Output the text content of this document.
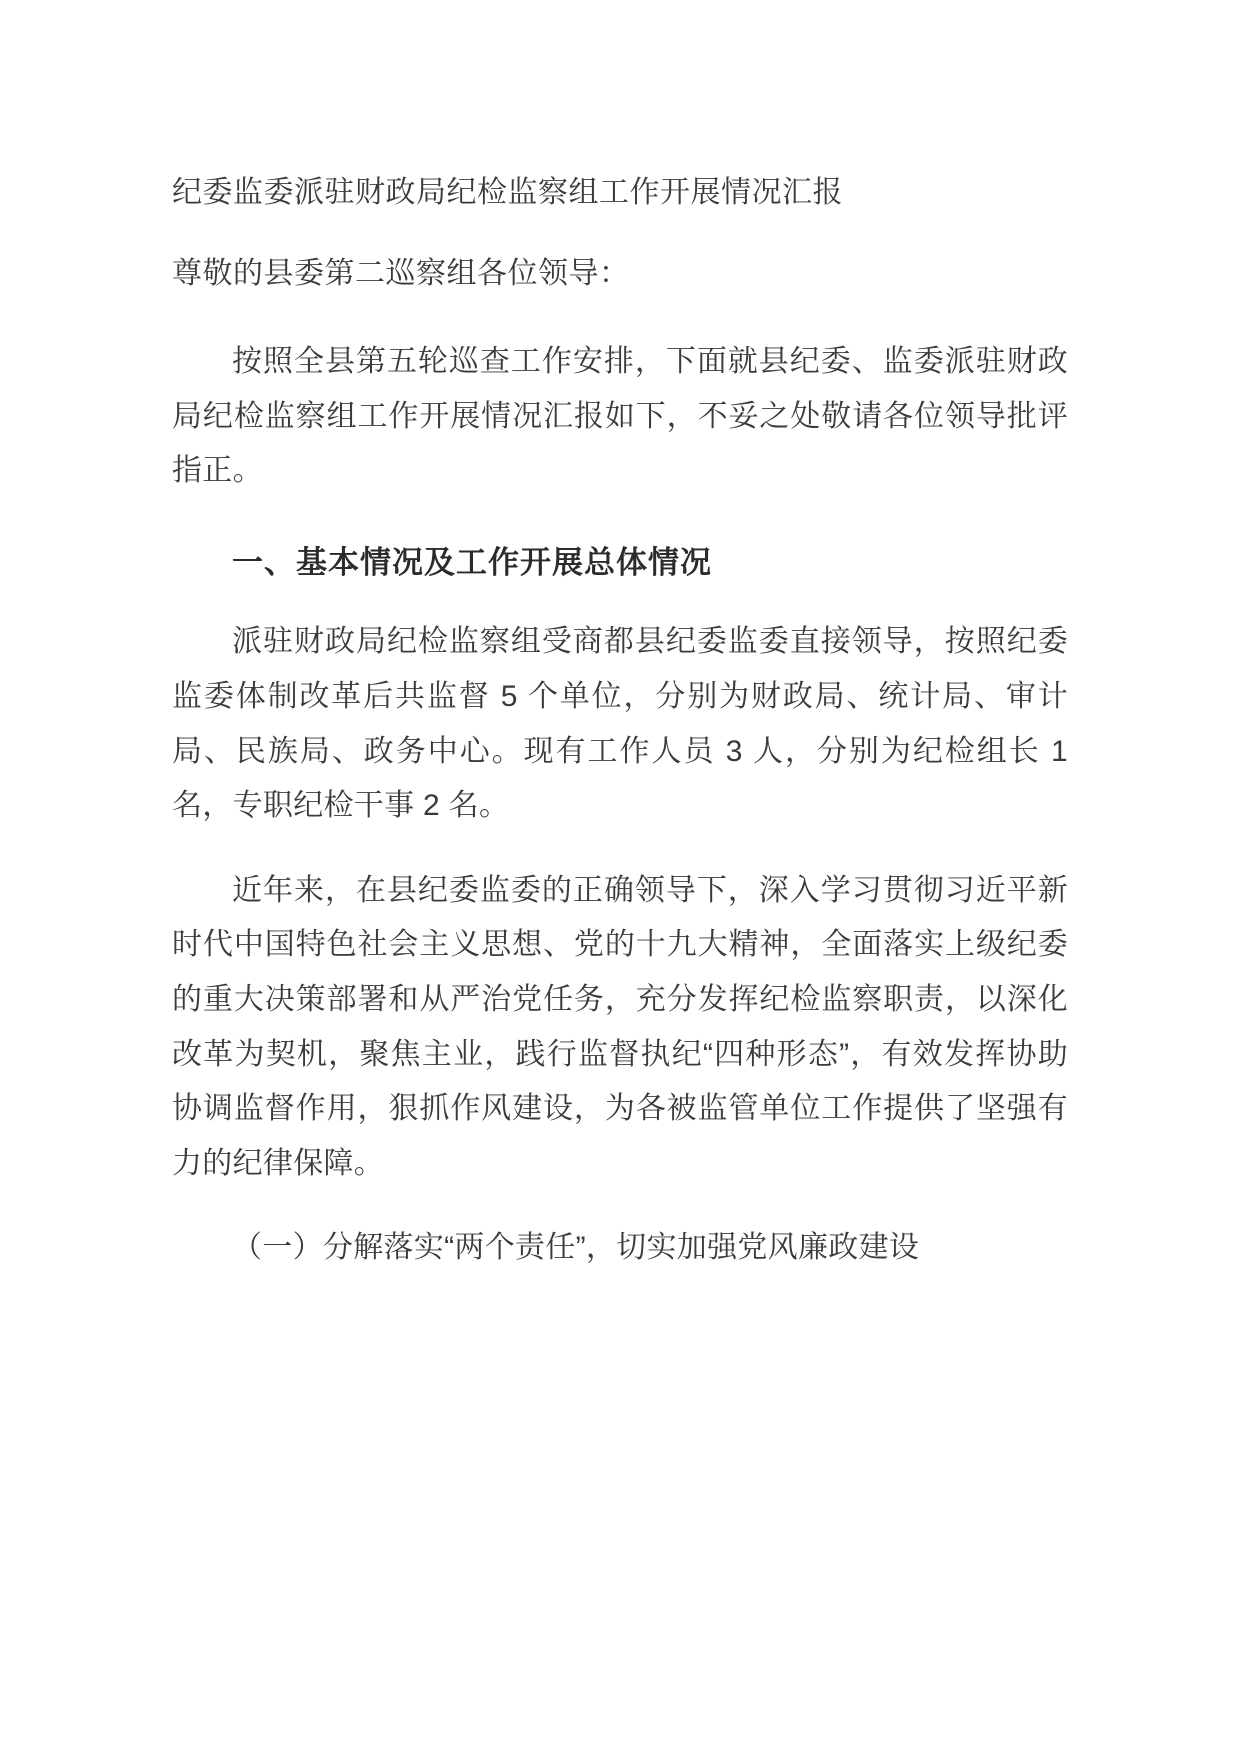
纪委监委派驻财政局纪检监察组工作开展情况汇报
尊敬的县委第二巡察组各位领导：

按照全县第五轮巡查工作安排，下面就县纪委、监委派驻财政局纪检监察组工作开展情况汇报如下，不妥之处敬请各位领导批评指正。

一、基本情况及工作开展总体情况

派驻财政局纪检监察组受商都县纪委监委直接领导，按照纪委监委体制改革后共监督 5 个单位，分别为财政局、统计局、审计局、民族局、政务中心。现有工作人员 3 人，分别为纪检组长 1 名，专职纪检干事 2 名。

近年来，在县纪委监委的正确领导下，深入学习贯彻习近平新时代中国特色社会主义思想、党的十九大精神，全面落实上级纪委的重大决策部署和从严治党任务，充分发挥纪检监察职责，以深化改革为契机，聚焦主业，践行监督执纪“四种形态”，有效发挥协助协调监督作用，狠抓作风建设，为各被监管单位工作提供了坚强有力的纪律保障。

（一）分解落实“两个责任”，切实加强党风廉政建设
